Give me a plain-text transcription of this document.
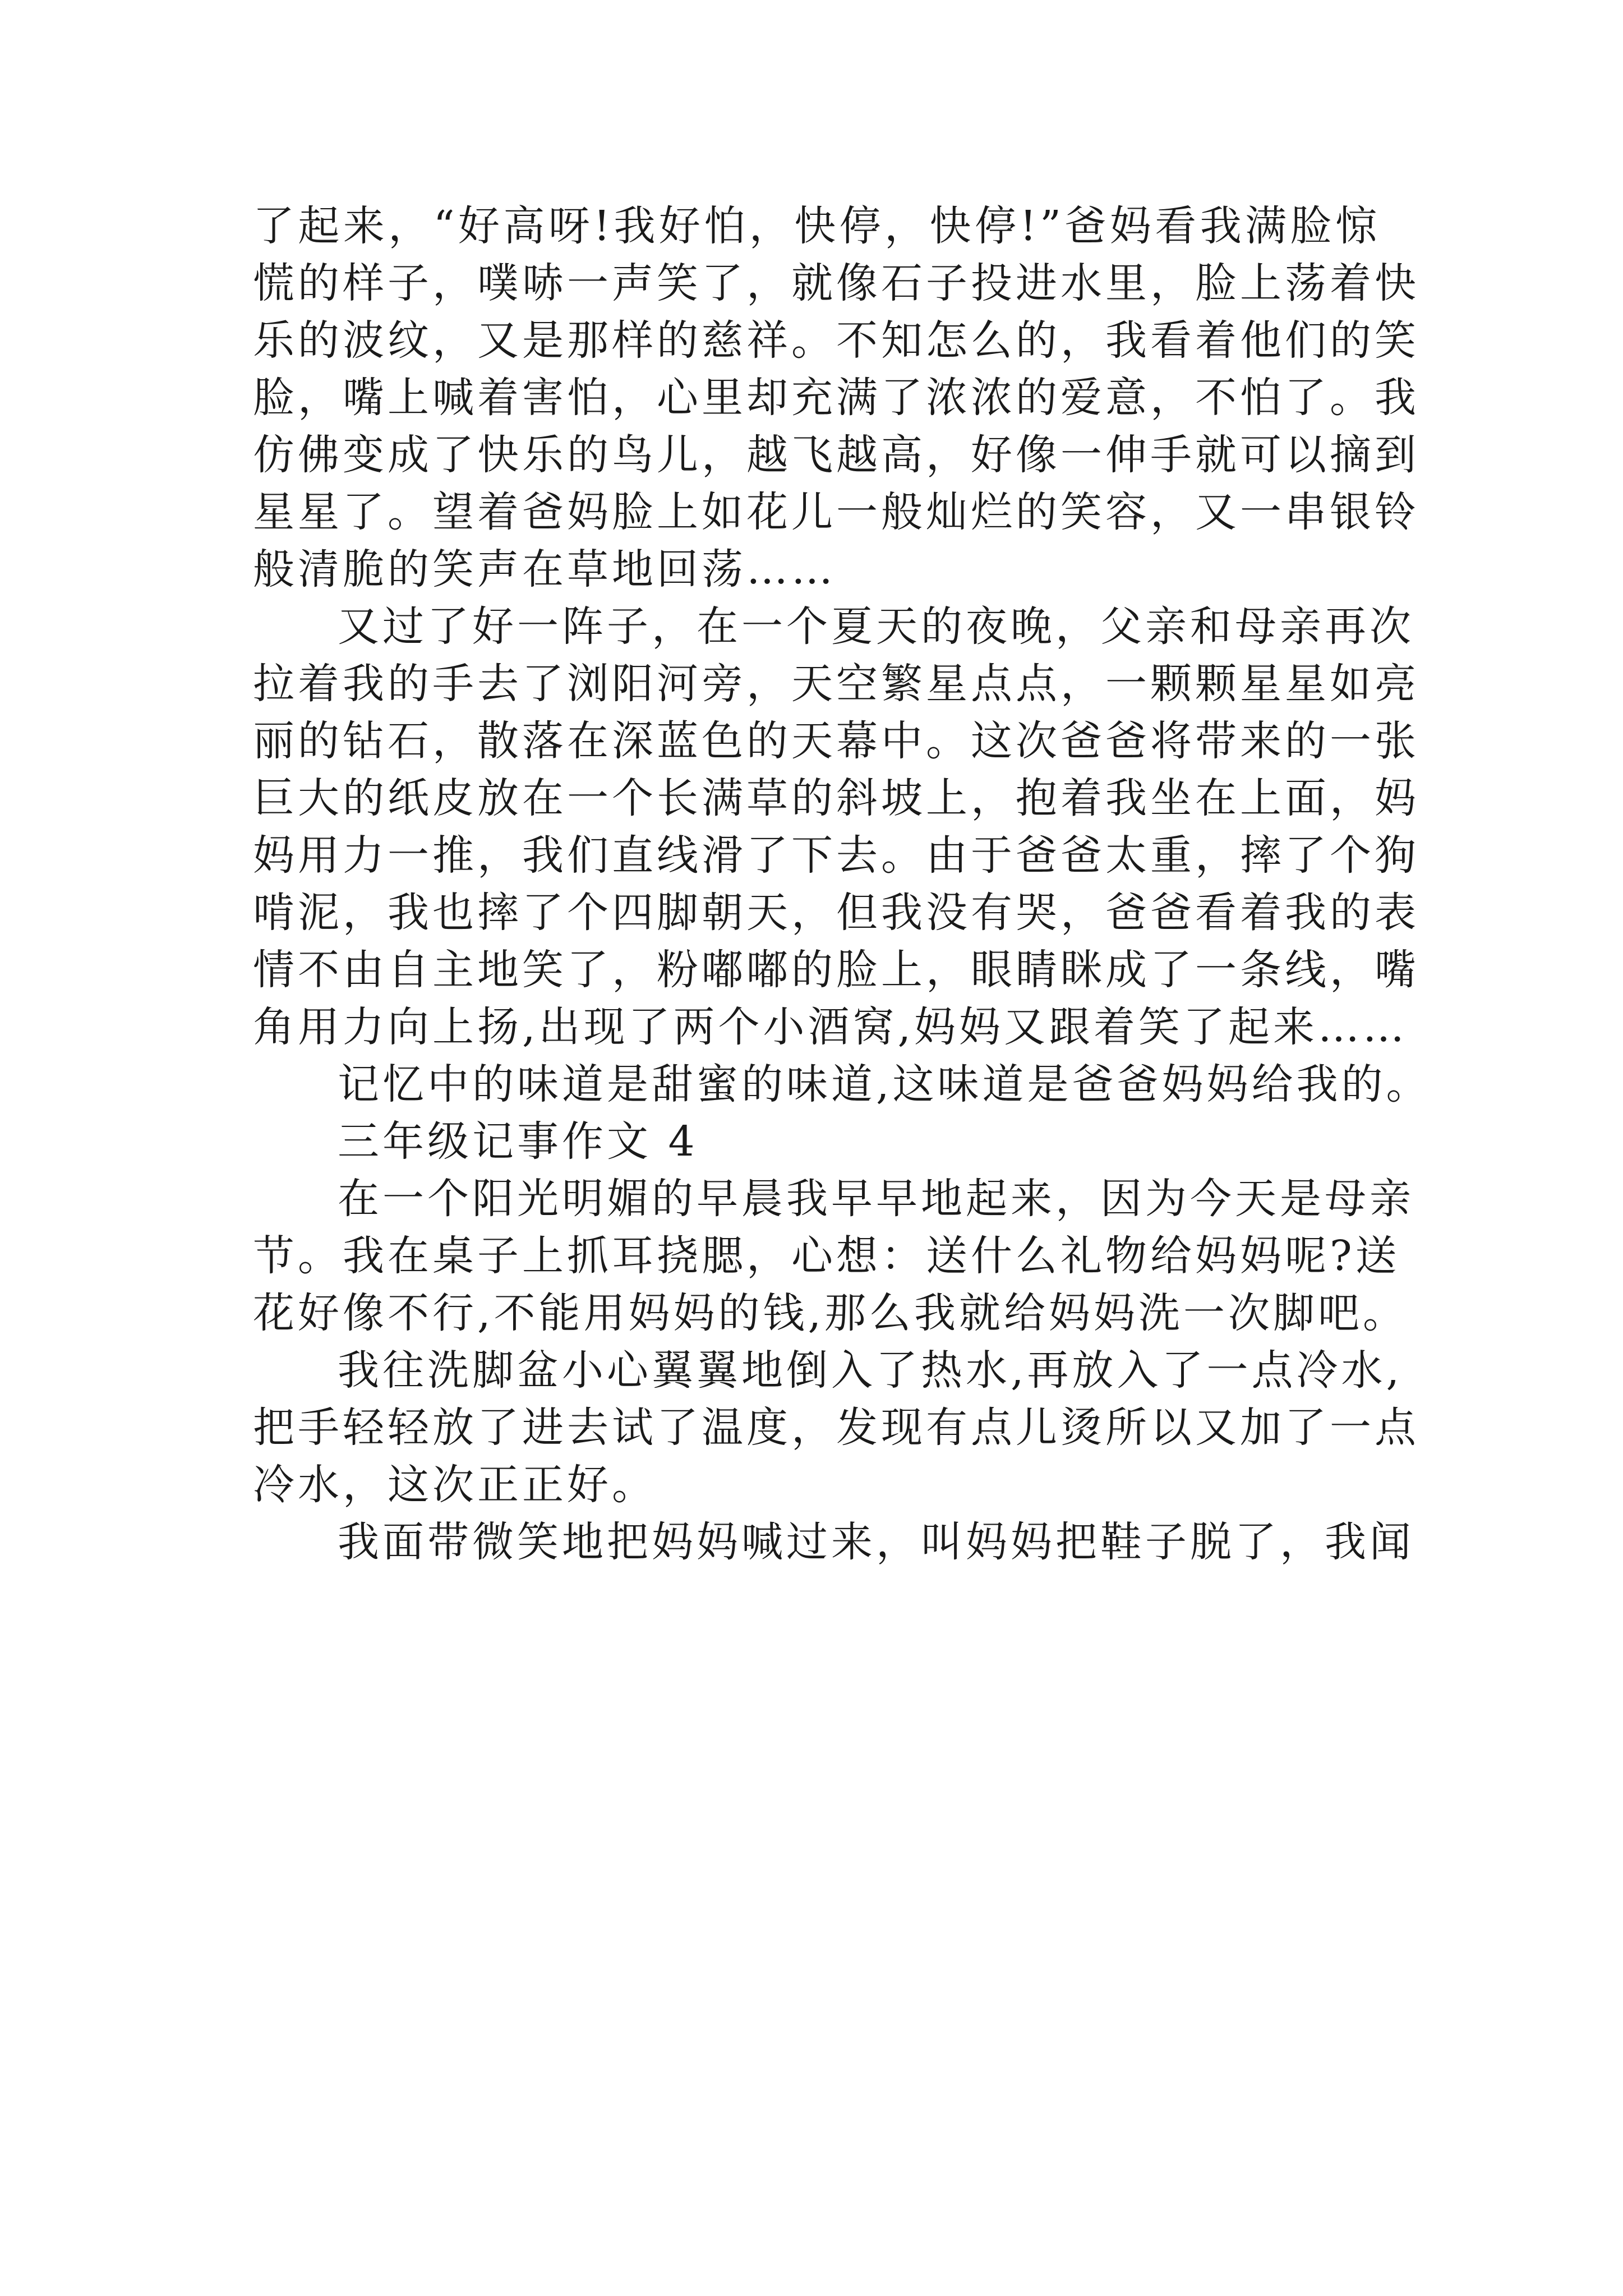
了起来，“好高呀!我好怕，快停，快停!”爸妈看我满脸惊
慌的样子，噗哧一声笑了，就像石子投进水里，脸上荡着快
乐的波纹，又是那样的慈祥。不知怎么的，我看着他们的笑
脸，嘴上喊着害怕，心里却充满了浓浓的爱意，不怕了。我
仿佛变成了快乐的鸟儿，越飞越高，好像一伸手就可以摘到
星星了。望着爸妈脸上如花儿一般灿烂的笑容，又一串银铃
般清脆的笑声在草地回荡……
又过了好一阵子，在一个夏天的夜晚，父亲和母亲再次
拉着我的手去了浏阳河旁，天空繁星点点，一颗颗星星如亮
丽的钻石，散落在深蓝色的天幕中。这次爸爸将带来的一张
巨大的纸皮放在一个长满草的斜坡上，抱着我坐在上面，妈
妈用力一推，我们直线滑了下去。由于爸爸太重，摔了个狗
啃泥，我也摔了个四脚朝天，但我没有哭，爸爸看着我的表
情不由自主地笑了，粉嘟嘟的脸上，眼睛眯成了一条线，嘴
角用力向上扬,出现了两个小酒窝,妈妈又跟着笑了起来……
记忆中的味道是甜蜜的味道,这味道是爸爸妈妈给我的。
三年级记事作文 4
在一个阳光明媚的早晨我早早地起来，因为今天是母亲
节。我在桌子上抓耳挠腮，心想：送什么礼物给妈妈呢?送
花好像不行,不能用妈妈的钱,那么我就给妈妈洗一次脚吧。
我往洗脚盆小心翼翼地倒入了热水,再放入了一点冷水,
把手轻轻放了进去试了温度，发现有点儿烫所以又加了一点
冷水，这次正正好。
我面带微笑地把妈妈喊过来，叫妈妈把鞋子脱了，我闻
